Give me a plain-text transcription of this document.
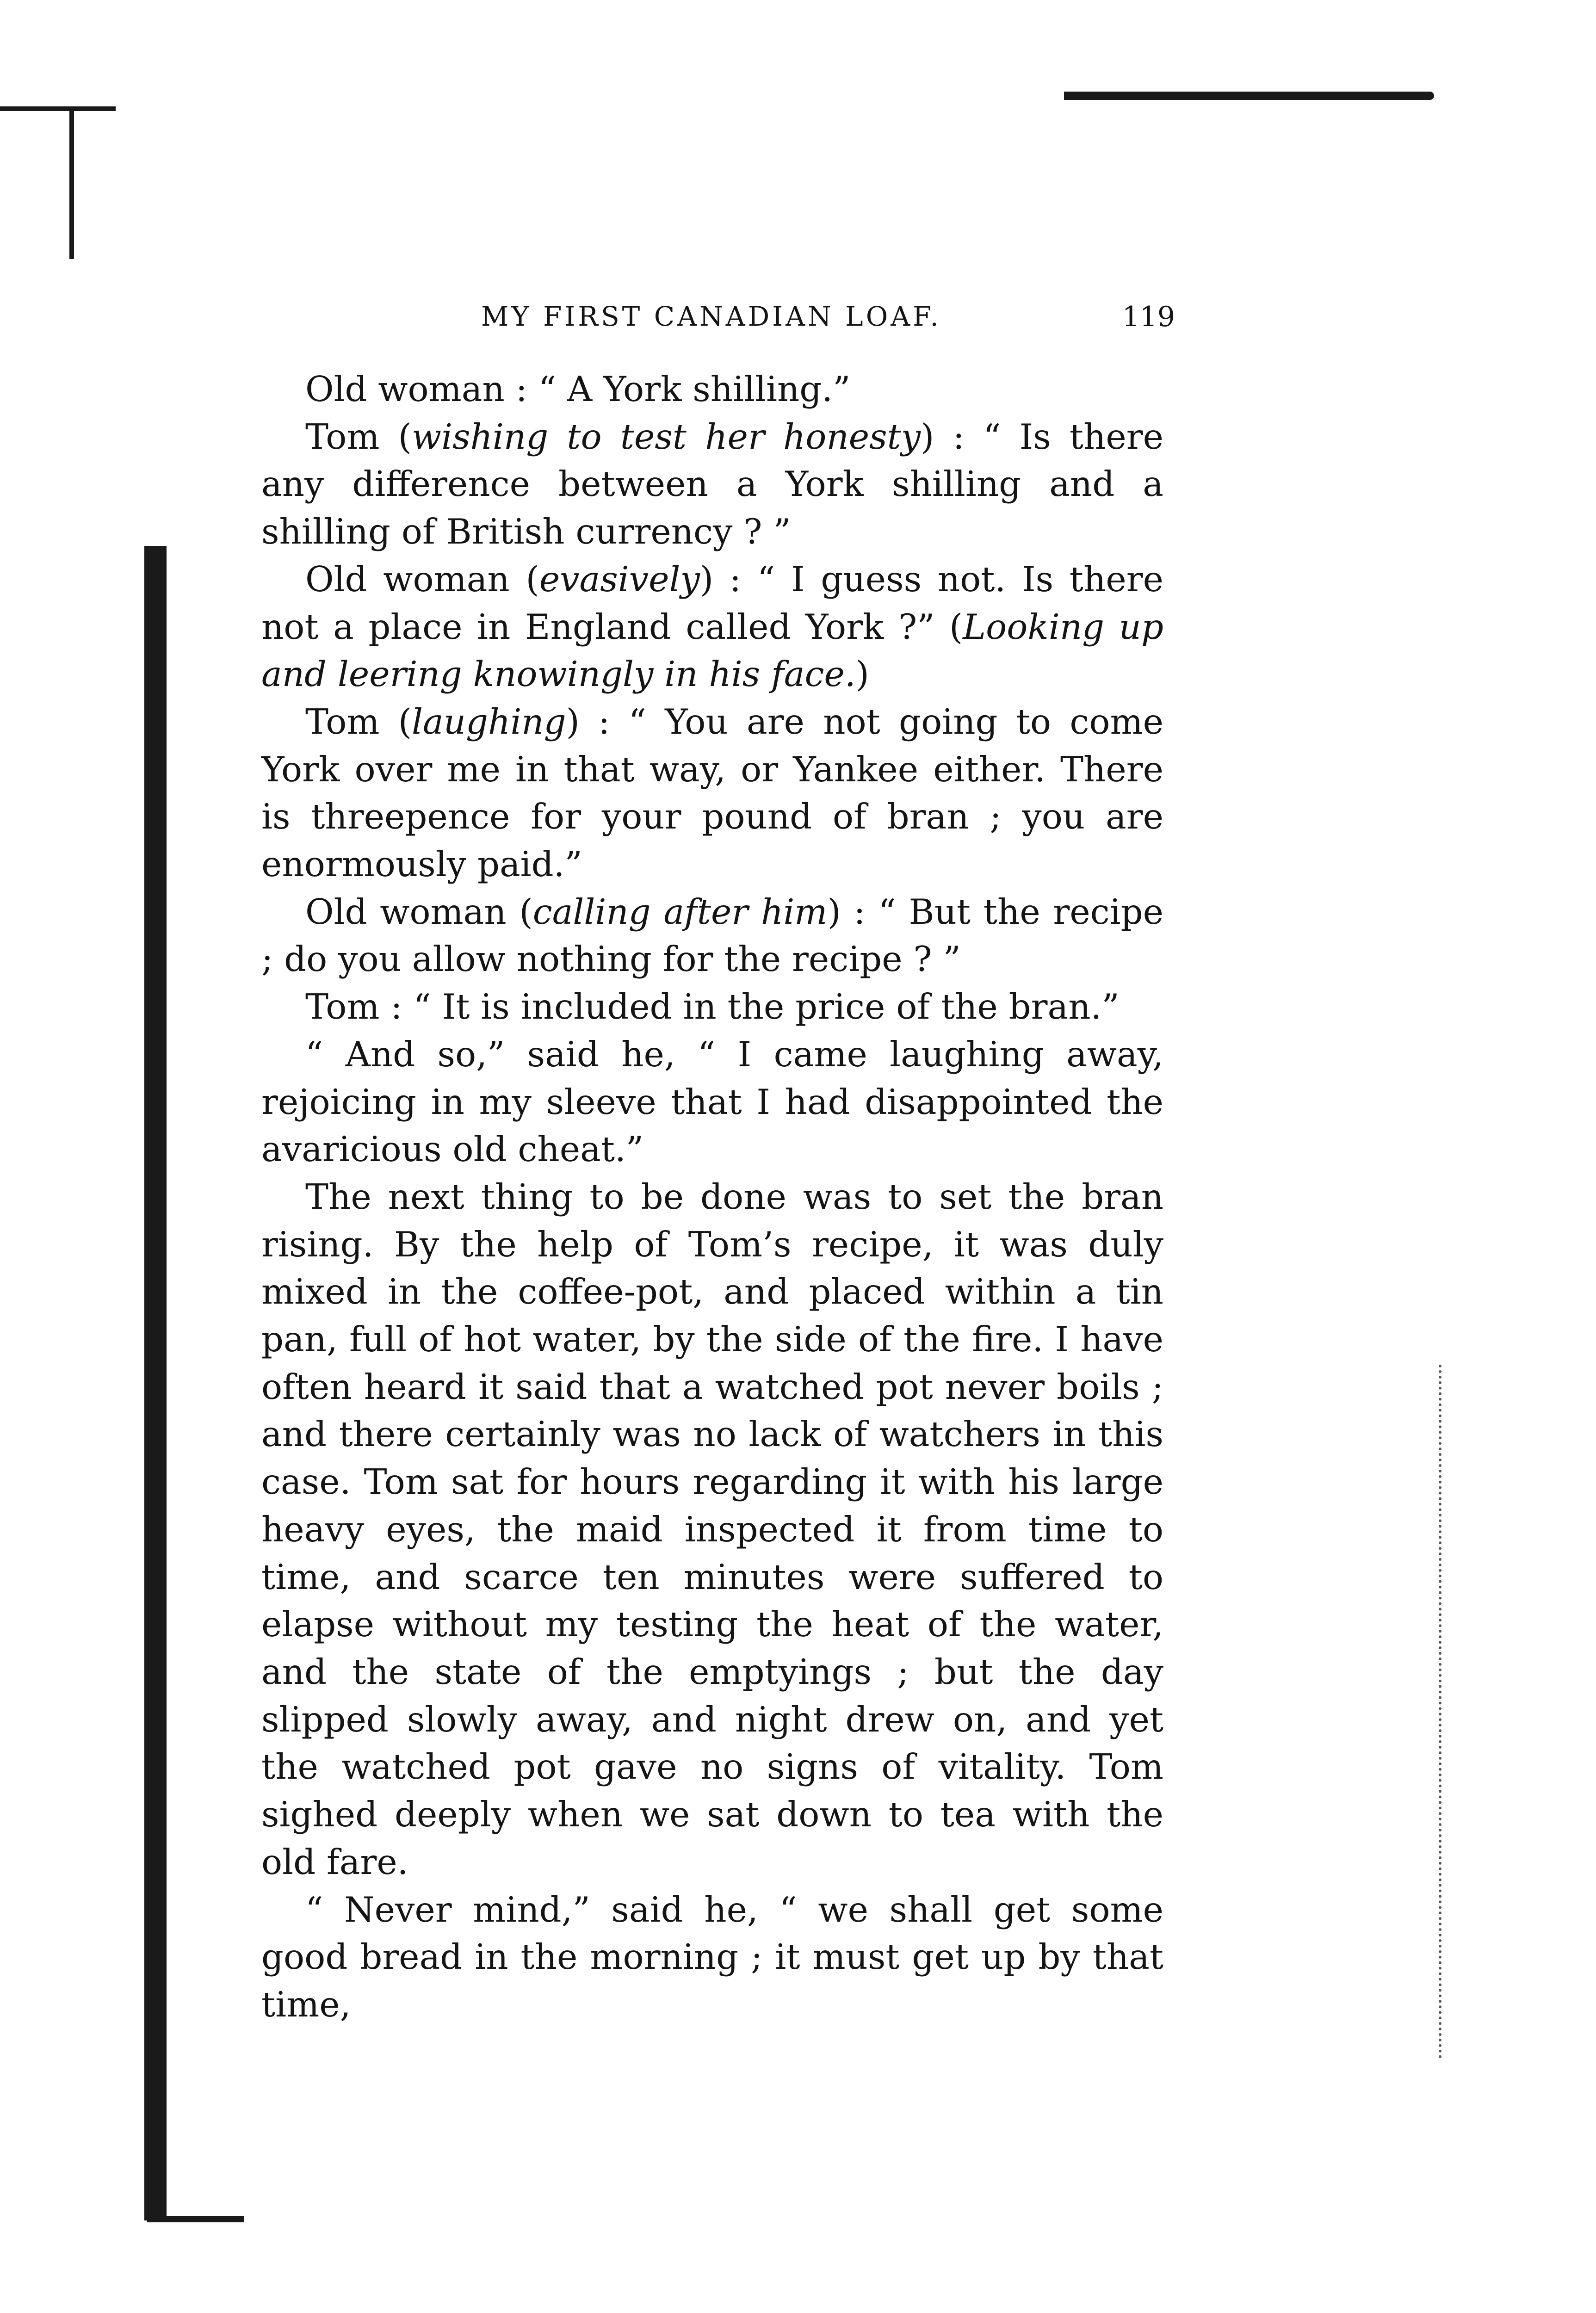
MY FIRST CANADIAN LOAF.	119

Old woman : “ A York shilling.”

Tom (wishing to test her honesty) : “ Is there any difference between a York shilling and a shilling of British currency ? ”

Old woman (evasively) : “ I guess not. Is there not a place in England called York ?” (Looking up and leering knowingly in his face.)

Tom (laughing) : “ You are not going to come York over me in that way, or Yankee either. There is threepence for your pound of bran ; you are enormously paid.”

Old woman (calling after him) : “ But the recipe ; do you allow nothing for the recipe ? ”

Tom : “ It is included in the price of the bran.”

“ And so,” said he, “ I came laughing away, rejoicing in my sleeve that I had disappointed the avaricious old cheat.”

The next thing to be done was to set the bran rising. By the help of Tom’s recipe, it was duly mixed in the coffee-pot, and placed within a tin pan, full of hot water, by the side of the fire. I have often heard it said that a watched pot never boils ; and there certainly was no lack of watchers in this case. Tom sat for hours regarding it with his large heavy eyes, the maid inspected it from time to time, and scarce ten minutes were suffered to elapse without my testing the heat of the water, and the state of the emptyings ; but the day slipped slowly away, and night drew on, and yet the watched pot gave no signs of vitality. Tom sighed deeply when we sat down to tea with the old fare.

“ Never mind,” said he, “ we shall get some good bread in the morning ; it must get up by that time,
